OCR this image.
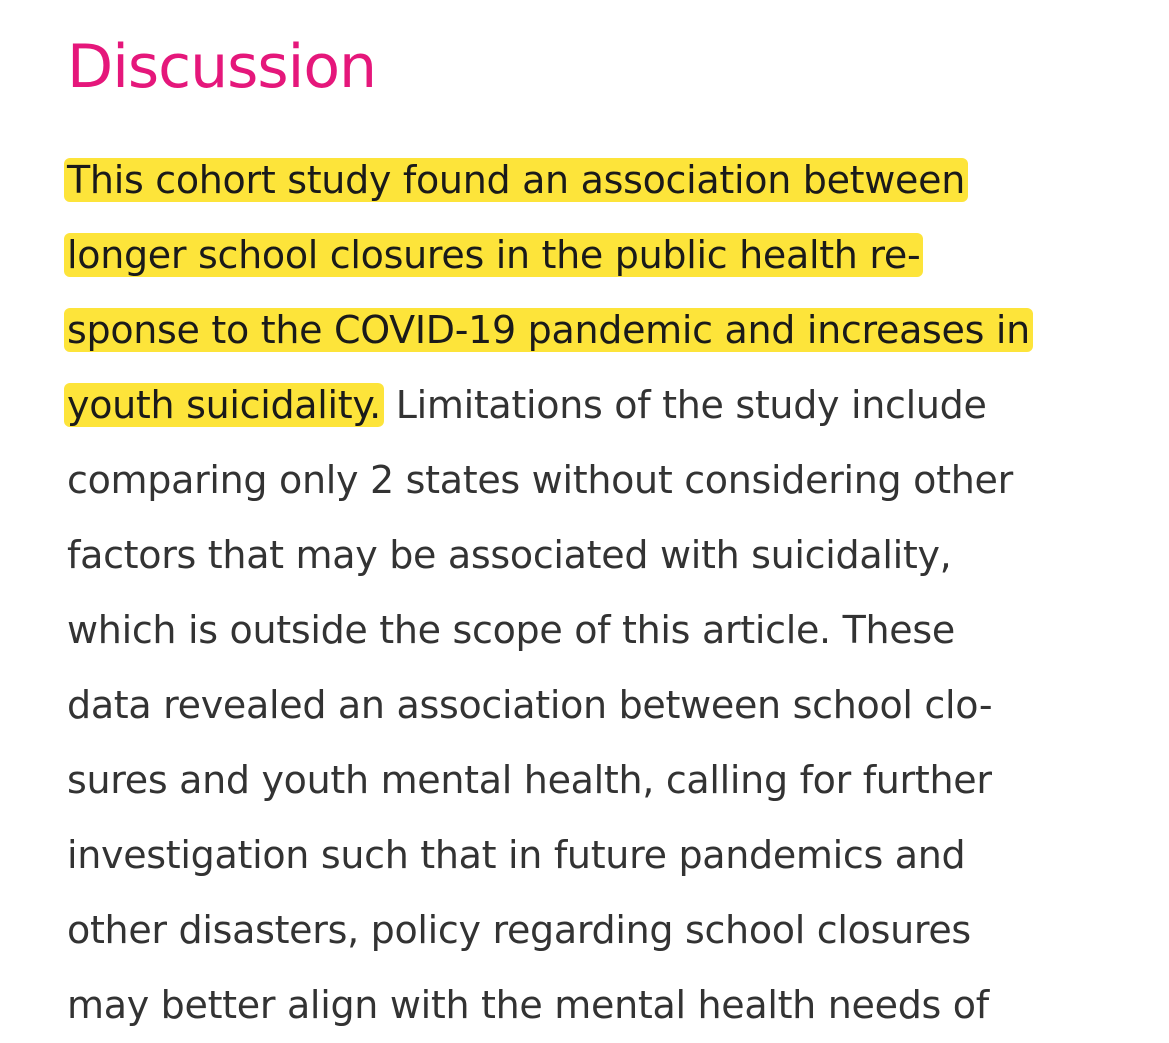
Discussion
This cohort study found an association between
longer school closures in the public health re-
sponse to the COVID-19 pandemic and increases in
youth suicidality. Limitations of the study include
comparing only 2 states without considering other
factors that may be associated with suicidality,
which is outside the scope of this article. These
data revealed an association between school clo-
sures and youth mental health, calling for further
investigation such that in future pandemics and
other disasters, policy regarding school closures
may better align with the mental health needs of
